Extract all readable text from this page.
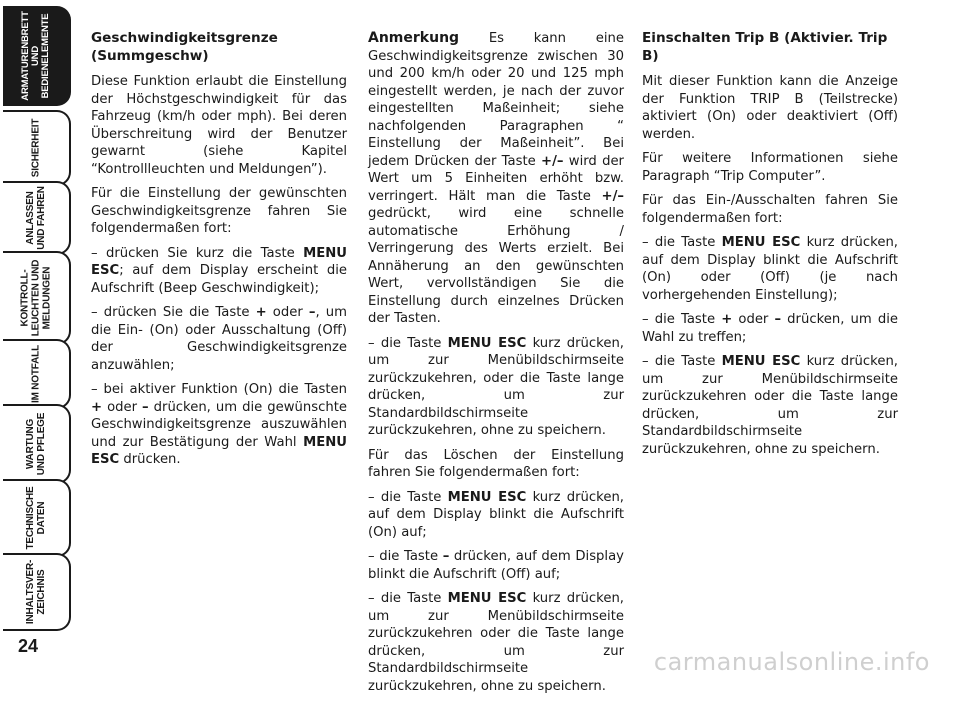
ARMATURENBRETT
UND
BEDIENELEMENTE
SICHERHEIT
ANLASSEN
UND FAHREN
KONTROLL-
LEUCHTEN UND
MELDUNGEN
IM NOTFALL
WARTUNG
UND PFLEGE
TECHNISCHE
DATEN
INHALTSVER-
ZEICHNIS
24
Geschwindigkeitsgrenze (Summgeschw)

Diese Funktion erlaubt die Einstellung der Höchstgeschwindigkeit für das Fahrzeug (km/h oder mph). Bei deren Überschreitung wird der Benutzer gewarnt (siehe Kapitel “Kontrollleuchten und Meldungen”).

Für die Einstellung der gewünschten Geschwindigkeitsgrenze fahren Sie folgendermaßen fort:

– drücken Sie kurz die Taste MENU ESC; auf dem Display erscheint die Aufschrift (Beep Geschwindigkeit);

– drücken Sie die Taste + oder –, um die Ein- (On) oder Ausschaltung (Off) der Geschwindigkeitsgrenze anzuwählen;

– bei aktiver Funktion (On) die Tasten + oder – drücken, um die gewünschte Geschwindigkeitsgrenze auszuwählen und zur Bestätigung der Wahl MENU ESC drücken.

Anmerkung Es kann eine Geschwindigkeitsgrenze zwischen 30 und 200 km/h oder 20 und 125 mph eingestellt werden, je nach der zuvor eingestellten Maßeinheit; siehe nachfolgenden Paragraphen “ Einstellung der Maßeinheit”. Bei jedem Drücken der Taste +/– wird der Wert um 5 Einheiten erhöht bzw. verringert. Hält man die Taste +/– gedrückt, wird eine schnelle automatische Erhöhung / Verringerung des Werts erzielt. Bei Annäherung an den gewünschten Wert, vervollständigen Sie die Einstellung durch einzelnes Drücken der Tasten.

– die Taste MENU ESC kurz drücken, um zur Menübildschirmseite zurückzukehren, oder die Taste lange drücken, um zur Standardbildschirmseite zurückzukehren, ohne zu speichern.

Für das Löschen der Einstellung fahren Sie folgendermaßen fort:

– die Taste MENU ESC kurz drücken, auf dem Display blinkt die Aufschrift (On) auf;

– die Taste – drücken, auf dem Display blinkt die Aufschrift (Off) auf;

– die Taste MENU ESC kurz drücken, um zur Menübildschirmseite zurückzukehren oder die Taste lange drücken, um zur Standardbildschirmseite zurückzukehren, ohne zu speichern.

Einschalten Trip B (Aktivier. Trip B)

Mit dieser Funktion kann die Anzeige der Funktion TRIP B (Teilstrecke) aktiviert (On) oder deaktiviert (Off) werden.

Für weitere Informationen siehe Paragraph “Trip Computer”.

Für das Ein-/Ausschalten fahren Sie folgendermaßen fort:

– die Taste MENU ESC kurz drücken, auf dem Display blinkt die Aufschrift (On) oder (Off) (je nach vorhergehenden Einstellung);

– die Taste + oder – drücken, um die Wahl zu treffen;

– die Taste MENU ESC kurz drücken, um zur Menübildschirmseite zurückzukehren oder die Taste lange drücken, um zur Standardbildschirmseite zurückzukehren, ohne zu speichern.

carmanualsonline.info
